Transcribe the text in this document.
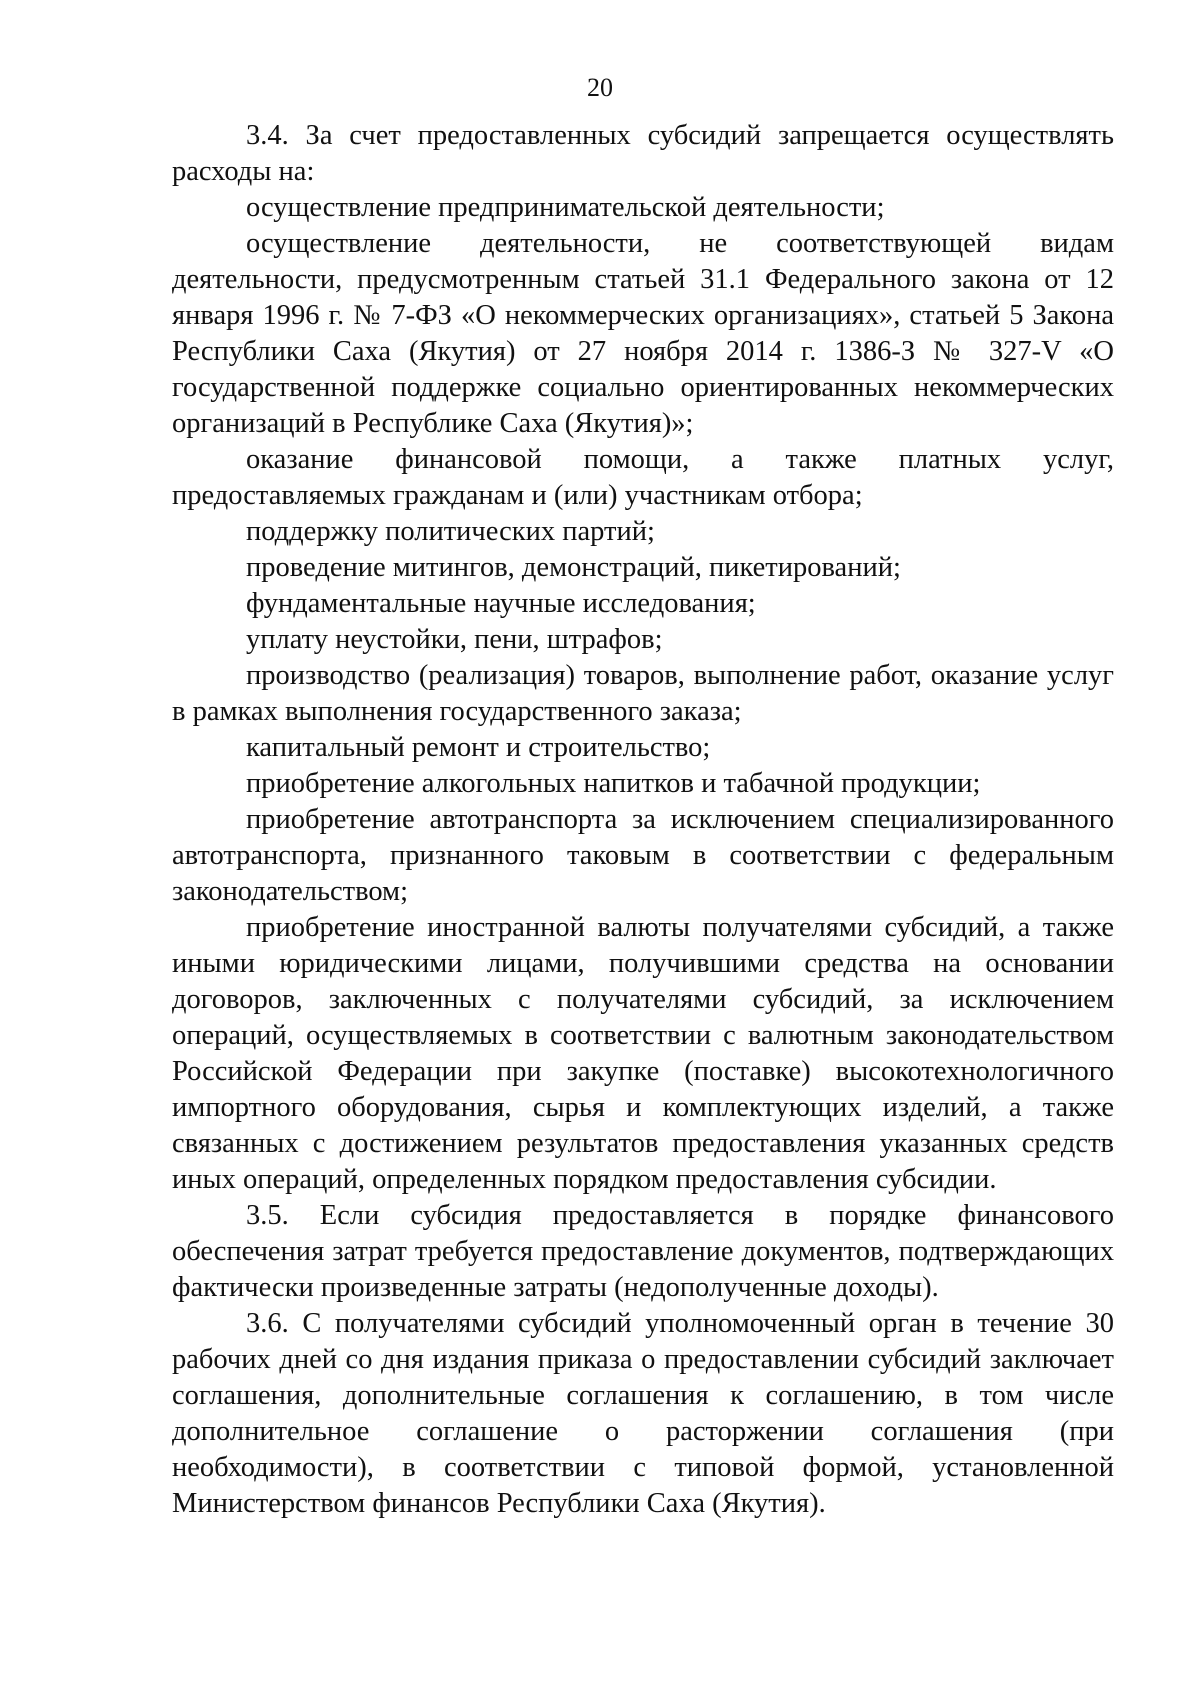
20

3.4. За счет предоставленных субсидий запрещается осуществлять расходы на:

осуществление предпринимательской деятельности;

осуществление деятельности, не соответствующей видам деятельности, предусмотренным статьей 31.1 Федерального закона от 12 января 1996 г. № 7-ФЗ «О некоммерческих организациях», статьей 5 Закона Республики Саха (Якутия) от 27 ноября 2014 г. 1386-З № 327-V «О государственной поддержке социально ориентированных некоммерческих организаций в Республике Саха (Якутия)»;

оказание финансовой помощи, а также платных услуг, предоставляемых гражданам и (или) участникам отбора;

поддержку политических партий;

проведение митингов, демонстраций, пикетирований;

фундаментальные научные исследования;

уплату неустойки, пени, штрафов;

производство (реализация) товаров, выполнение работ, оказание услуг в рамках выполнения государственного заказа;

капитальный ремонт и строительство;

приобретение алкогольных напитков и табачной продукции;

приобретение автотранспорта за исключением специализированного автотранспорта, признанного таковым в соответствии с федеральным законодательством;

приобретение иностранной валюты получателями субсидий, а также иными юридическими лицами, получившими средства на основании договоров, заключенных с получателями субсидий, за исключением операций, осуществляемых в соответствии с валютным законодательством Российской Федерации при закупке (поставке) высокотехнологичного импортного оборудования, сырья и комплектующих изделий, а также связанных с достижением результатов предоставления указанных средств иных операций, определенных порядком предоставления субсидии.

3.5. Если субсидия предоставляется в порядке финансового обеспечения затрат требуется предоставление документов, подтверждающих фактически произведенные затраты (недополученные доходы).

3.6. С получателями субсидий уполномоченный орган в течение 30 рабочих дней со дня издания приказа о предоставлении субсидий заключает соглашения, дополнительные соглашения к соглашению, в том числе дополнительное соглашение о расторжении соглашения (при необходимости), в соответствии с типовой формой, установленной Министерством финансов Республики Саха (Якутия).
